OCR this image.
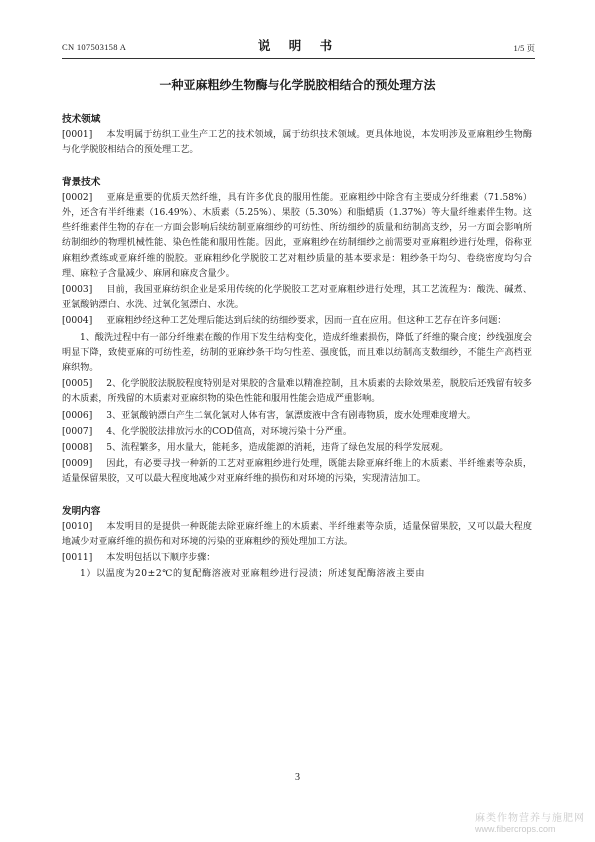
CN 107503158 A	说 明 书	1/5 页
一种亚麻粗纱生物酶与化学脱胶相结合的预处理方法
技术领域

[0001] 本发明属于纺织工业生产工艺的技术领域，属于纺织技术领域。更具体地说，本发明涉及亚麻粗纱生物酶与化学脱胶相结合的预处理工艺。

背景技术

[0002] 亚麻是重要的优质天然纤维，具有许多优良的服用性能。亚麻粗纱中除含有主要成分纤维素（71.58%）外，还含有半纤维素（16.49%）、木质素（5.25%）、果胶（5.30%）和脂蜡质（1.37%）等大量纤维素伴生物。这些纤维素伴生物的存在一方面会影响后续纺制亚麻细纱的可纺性、所纺细纱的质量和纺制高支纱，另一方面会影响所纺制细纱的物理机械性能、染色性能和服用性能。因此，亚麻粗纱在纺制细纱之前需要对亚麻粗纱进行处理，俗称亚麻粗纱煮练或亚麻纤维的脱胶。亚麻粗纱化学脱胶工艺对粗纱质量的基本要求是：粗纱条干均匀、卷绕密度均匀合理、麻粒子含量减少、麻屑和麻皮含量少。

[0003] 目前，我国亚麻纺织企业是采用传统的化学脱胶工艺对亚麻粗纱进行处理，其工艺流程为：酸洗、碱煮、亚氯酸钠漂白、水洗、过氧化氢漂白、水洗。

[0004] 亚麻粗纱经这种工艺处理后能达到后续的纺细纱要求，因而一直在应用。但这种工艺存在许多问题：

1、酸洗过程中有一部分纤维素在酸的作用下发生结构变化，造成纤维素损伤，降低了纤维的聚合度；纱线强度会明显下降，致使亚麻的可纺性差，纺制的亚麻纱条干均匀性差、强度低，而且难以纺制高支数细纱，不能生产高档亚麻织物。

[0005] 2、化学脱胶法脱胶程度特别是对果胶的含量难以精准控制，且木质素的去除效果差，脱胶后还残留有较多的木质素，所残留的木质素对亚麻织物的染色性能和服用性能会造成严重影响。

[0006] 3、亚氯酸钠漂白产生二氧化氯对人体有害，氯漂废液中含有剧毒物质，废水处理难度增大。

[0007] 4、化学脱胶法排放污水的COD值高，对环境污染十分严重。

[0008] 5、流程繁多，用水量大，能耗多，造成能源的消耗，违背了绿色发展的科学发展观。

[0009] 因此，有必要寻找一种新的工艺对亚麻粗纱进行处理，既能去除亚麻纤维上的木质素、半纤维素等杂质，适量保留果胶，又可以最大程度地减少对亚麻纤维的损伤和对环境的污染，实现清洁加工。

发明内容

[0010] 本发明目的是提供一种既能去除亚麻纤维上的木质素、半纤维素等杂质，适量保留果胶，又可以最大程度地减少对亚麻纤维的损伤和对环境的污染的亚麻粗纱的预处理加工方法。

[0011] 本发明包括以下顺序步骤：

1）以温度为20±2℃的复配酶溶液对亚麻粗纱进行浸渍；所述复配酶溶液主要由

3
麻类作物营养与施肥网
www.fibercrops.com
